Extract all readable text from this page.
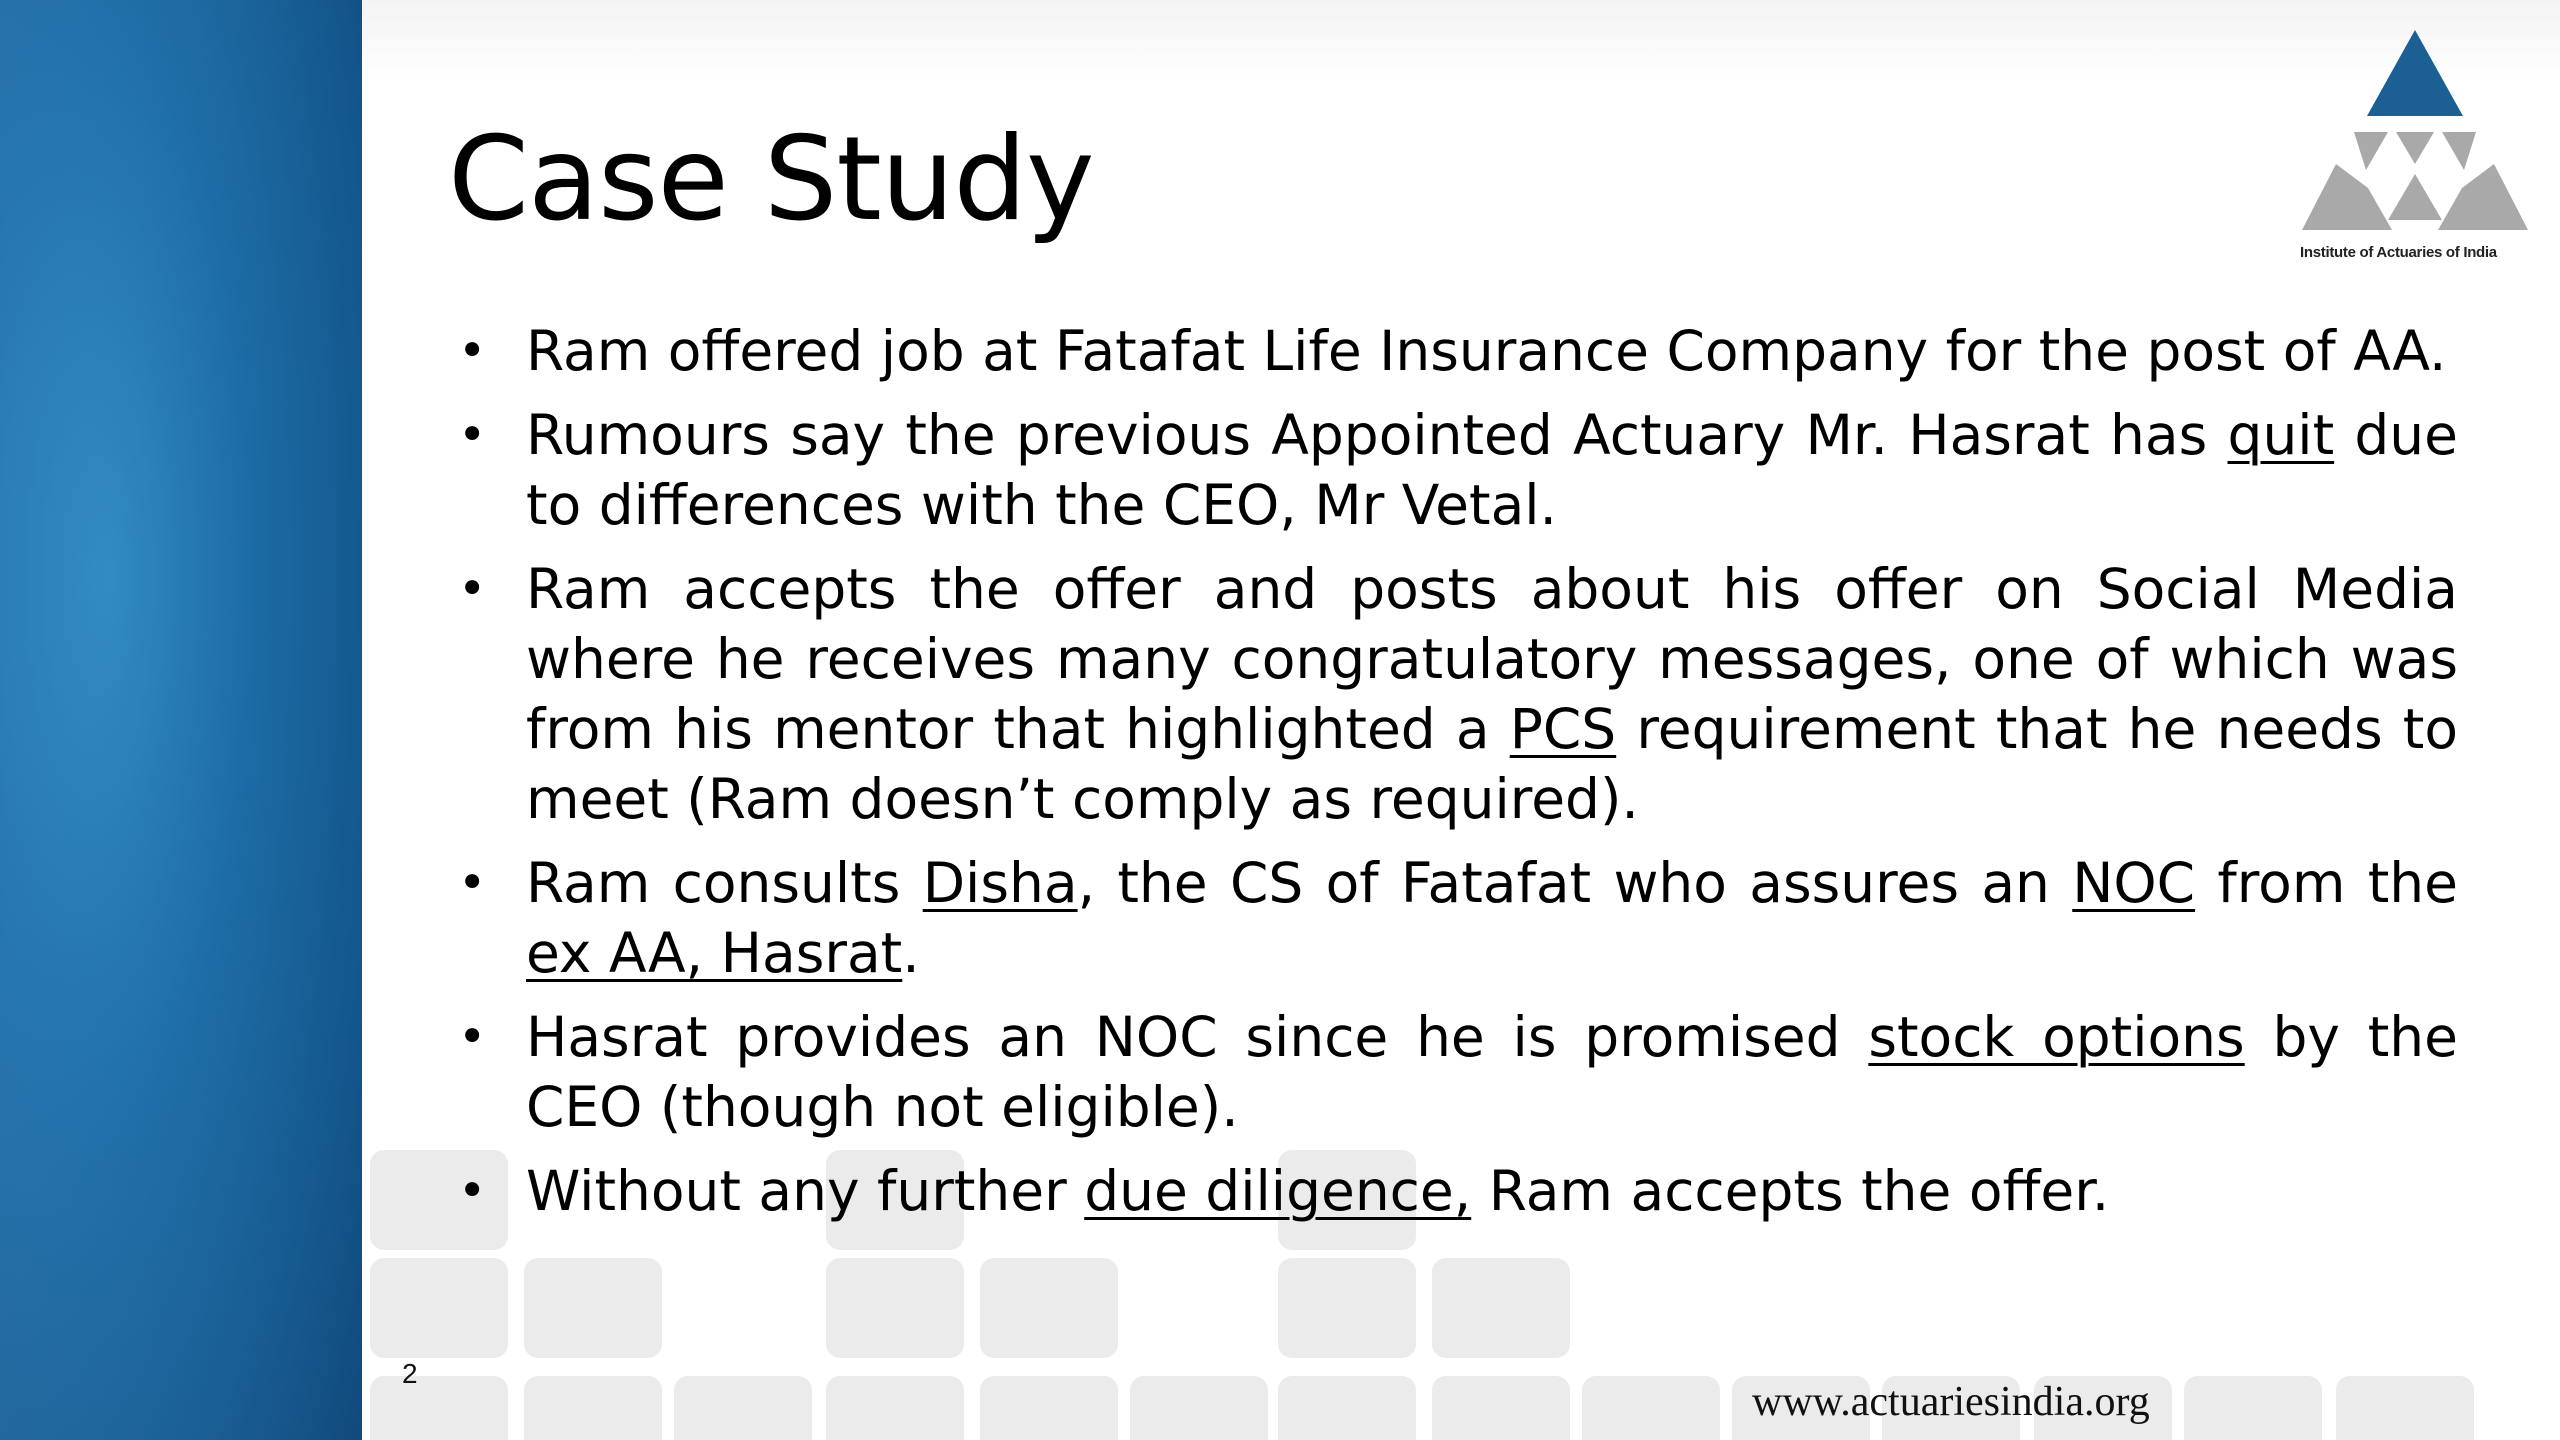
Case Study
• Ram offered job at Fatafat Life Insurance Company for the post of AA.
• Rumours say the previous Appointed Actuary Mr. Hasrat has quit due to differences with the CEO, Mr Vetal.
• Ram accepts the offer and posts about his offer on Social Media where he receives many congratulatory messages, one of which was from his mentor that highlighted a PCS requirement that he needs to meet (Ram doesn’t comply as required).
• Ram consults Disha, the CS of Fatafat who assures an NOC from the ex AA, Hasrat.
• Hasrat provides an NOC since he is promised stock options by the CEO (though not eligible).
• Without any further due diligence, Ram accepts the offer.
Institute of Actuaries of India
2
www.actuariesindia.org
